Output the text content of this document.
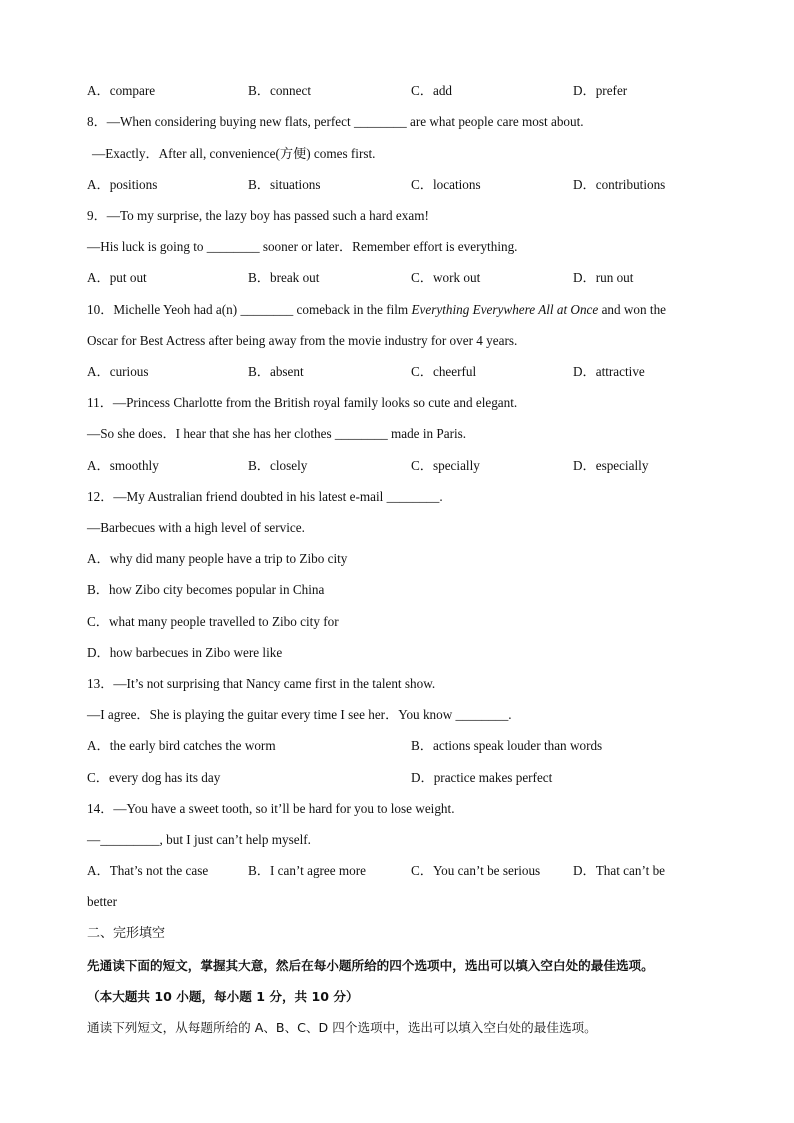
A．compare	B．connect	C．add	D．prefer
8．—When considering buying new flats, perfect ________ are what people care most about.
—Exactly．After all, convenience(方便) comes first.
A．positions	B．situations	C．locations	D．contributions
9．—To my surprise, the lazy boy has passed such a hard exam!
—His luck is going to ________ sooner or later．Remember effort is everything.
A．put out	B．break out	C．work out	D．run out
10．Michelle Yeoh had a(n) ________ comeback in the film Everything Everywhere All at Once and won the
Oscar for Best Actress after being away from the movie industry for over 4 years.
A．curious	B．absent	C．cheerful	D．attractive
11．—Princess Charlotte from the British royal family looks so cute and elegant.
—So she does．I hear that she has her clothes ________ made in Paris.
A．smoothly	B．closely	C．specially	D．especially
12．—My Australian friend doubted in his latest e-mail ________.
—Barbecues with a high level of service.
A．why did many people have a trip to Zibo city
B．how Zibo city becomes popular in China
C．what many people travelled to Zibo city for
D．how barbecues in Zibo were like
13．—It’s not surprising that Nancy came first in the talent show.
—I agree．She is playing the guitar every time I see her．You know ________.
A．the early bird catches the worm	B．actions speak louder than words
C．every dog has its day	D．practice makes perfect
14．—You have a sweet tooth, so it’ll be hard for you to lose weight.
—_________, but I just can’t help myself.
A．That’s not the case	B．I can’t agree more	C．You can’t be serious D．That can’t be
better
二、完形填空
先通读下面的短文，掌握其大意，然后在每小题所给的四个选项中，选出可以填入空白处的最佳选项。
（本大题共 10 小题，每小题 1 分，共 10 分）
通读下列短文，从每题所给的 A、B、C、D 四个选项中，选出可以填入空白处的最佳选项。
